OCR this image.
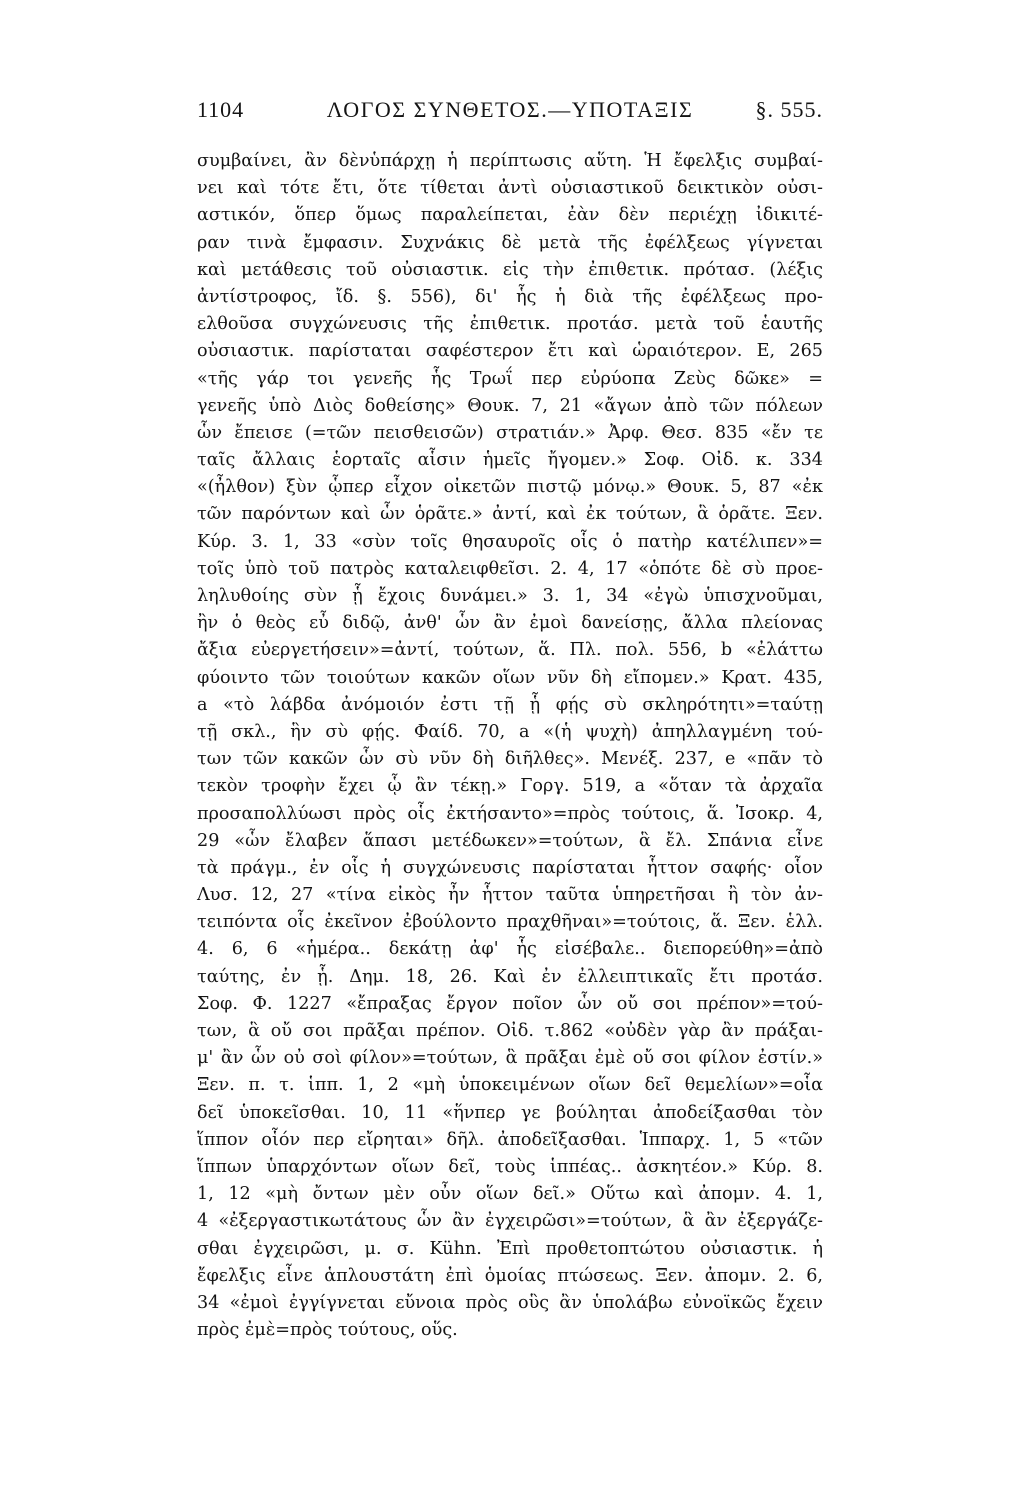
1104	ΛΟΓΟΣ ΣΥΝΘΕΤΟΣ.—ΥΠΟΤΑΞΙΣ	§. 555.
συμβαίνει, ἂν δὲνὑπάρχῃ ἡ περίπτωσις αὕτη. Ἡ ἔφελξις συμβαί-
νει καὶ τότε ἔτι, ὅτε τίθεται ἀντὶ οὐσιαστικοῦ δεικτικὸν οὐσι-
αστικόν, ὅπερ ὅμως παραλείπεται, ἐὰν δὲν περιέχῃ ἰδικιτέ-
ραν τινὰ ἔμφασιν. Συχνάκις δὲ μετὰ τῆς ἐφέλξεως γίγνεται
καὶ μετάθεσις τοῦ οὐσιαστικ. εἰς τὴν ἐπιθετικ. πρότασ. (λέξις
ἀντίστροφος, ἴδ. §. 556), δι' ἧς ἡ διὰ τῆς ἐφέλξεως προ-
ελθοῦσα συγχώνευσις τῆς ἐπιθετικ. προτάσ. μετὰ τοῦ ἑαυτῆς
οὐσιαστικ. παρίσταται σαφέστερον ἔτι καὶ ὡραιότερον. Ε, 265
«τῆς γάρ τοι γενεῆς ἧς Τρωΐ περ εὐρύοπα Ζεὺς δῶκε» =
γενεῆς ὑπὸ Διὸς δοθείσης» Θουκ. 7, 21 «ἄγων ἀπὸ τῶν πόλεων
ὧν ἔπεισε (=τῶν πεισθεισῶν) στρατιάν.» Ἀρφ. Θεσ. 835 «ἔν τε
ταῖς ἄλλαις ἑορταῖς αἷσιν ἡμεῖς ἤγομεν.» Σοφ. Οἰδ. κ. 334
«(ἦλθον) ξὺν ᾧπερ εἶχον οἰκετῶν πιστῷ μόνῳ.» Θουκ. 5, 87 «ἐκ
τῶν παρόντων καὶ ὧν ὁρᾶτε.» ἀντί, καὶ ἐκ τούτων, ἃ ὁρᾶτε. Ξεν.
Κύρ. 3. 1, 33 «σὺν τοῖς θησαυροῖς οἷς ὁ πατὴρ κατέλιπεν»=
τοῖς ὑπὸ τοῦ πατρὸς καταλειφθεῖσι. 2. 4, 17 «ὁπότε δὲ σὺ προε-
ληλυθοίης σὺν ᾗ ἔχοις δυνάμει.» 3. 1, 34 «ἐγὼ ὑπισχνοῦμαι,
ἢν ὁ θεὸς εὖ διδῷ, ἀνθ' ὧν ἂν ἐμοὶ δανείσῃς, ἄλλα πλείονας
ἄξια εὐεργετήσειν»=ἀντί, τούτων, ἅ. Πλ. πολ. 556, b «ἐλάττω
φύοιντο τῶν τοιούτων κακῶν οἵων νῦν δὴ εἴπομεν.» Κρατ. 435,
a «τὸ λάβδα ἀνόμοιόν ἐστι τῇ ᾗ φῄς σὺ σκληρότητι»=ταύτῃ
τῇ σκλ., ἣν σὺ φῄς. Φαίδ. 70, a «(ἡ ψυχὴ) ἀπηλλαγμένη τού-
των τῶν κακῶν ὧν σὺ νῦν δὴ διῆλθες». Μενέξ. 237, e «πᾶν τὸ
τεκὸν τροφὴν ἔχει ᾧ ἂν τέκῃ.» Γοργ. 519, a «ὅταν τὰ ἀρχαῖα
προσαπολλύωσι πρὸς οἷς ἐκτήσαντο»=πρὸς τούτοις, ἅ. Ἰσοκρ. 4,
29 «ὧν ἔλαβεν ἅπασι μετέδωκεν»=τούτων, ἃ ἔλ. Σπάνια εἶνε
τὰ πράγμ., ἐν οἷς ἡ συγχώνευσις παρίσταται ἧττον σαφής· οἷον
Λυσ. 12, 27 «τίνα εἰκὸς ἦν ἧττον ταῦτα ὑπηρετῆσαι ἢ τὸν ἀν-
τειπόντα οἷς ἐκεῖνον ἐβούλοντο πραχθῆναι»=τούτοις, ἅ. Ξεν. ἑλλ.
4. 6, 6 «ἡμέρα.. δεκάτῃ ἀφ' ἧς εἰσέβαλε.. διεπορεύθη»=ἀπὸ
ταύτης, ἐν ᾗ. Δημ. 18, 26. Καὶ ἐν ἐλλειπτικαῖς ἔτι προτάσ.
Σοφ. Φ. 1227 «ἔπραξας ἔργον ποῖον ὧν οὔ σοι πρέπον»=τού-
των, ἃ οὔ σοι πρᾶξαι πρέπον. Οἰδ. τ.862 «οὐδὲν γὰρ ἂν πράξαι-
μ' ἂν ὧν οὐ σοὶ φίλον»=τούτων, ἃ πρᾶξαι ἐμὲ οὔ σοι φίλον ἐστίν.»
Ξεν. π. τ. ἱππ. 1, 2 «μὴ ὑποκειμένων οἵων δεῖ θεμελίων»=οἷα
δεῖ ὑποκεῖσθαι. 10, 11 «ἥνπερ γε βούληται ἀποδείξασθαι τὸν
ἵππον οἷόν περ εἴρηται» δῆλ. ἀποδεῖξασθαι. Ἱππαρχ. 1, 5 «τῶν
ἵππων ὑπαρχόντων οἵων δεῖ, τοὺς ἱππέας.. ἀσκητέον.» Κύρ. 8.
1, 12 «μὴ ὄντων μὲν οὖν οἵων δεῖ.» Οὕτω καὶ ἀπομν. 4. 1,
4 «ἐξεργαστικωτάτους ὧν ἂν ἐγχειρῶσι»=τούτων, ἃ ἂν ἐξεργάζε-
σθαι ἐγχειρῶσι, μ. σ. Kühn. Ἐπὶ προθετοπτώτου οὐσιαστικ. ἡ
ἔφελξις εἶνε ἁπλουστάτη ἐπὶ ὁμοίας πτώσεως. Ξεν. ἀπομν. 2. 6,
34 «ἐμοὶ ἐγγίγνεται εὔνοια πρὸς οὓς ἂν ὑπολάβω εὐνοϊκῶς ἔχειν
πρὸς ἐμὲ=πρὸς τούτους, οὕς.
